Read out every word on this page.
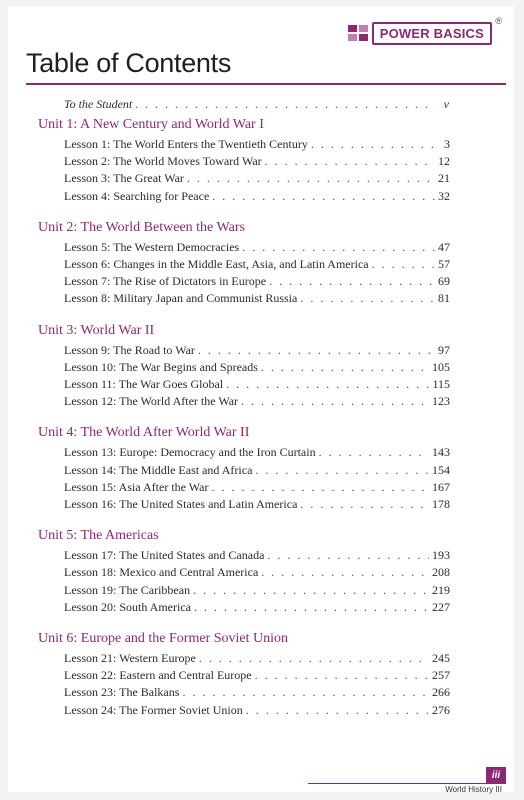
POWER BASICS
®
Table of Contents
To the Student . . .	v
Unit 1: A New Century and World War I
Lesson 1: The World Enters the Twentieth Century . . .	3
Lesson 2: The World Moves Toward War . . .	12
Lesson 3: The Great War . . .	21
Lesson 4: Searching for Peace . . .	32
Unit 2: The World Between the Wars
Lesson 5: The Western Democracies . . .	47
Lesson 6: Changes in the Middle East, Asia, and Latin America . . .	57
Lesson 7: The Rise of Dictators in Europe . . .	69
Lesson 8: Military Japan and Communist Russia . . .	81
Unit 3: World War II
Lesson 9: The Road to War . . .	97
Lesson 10: The War Begins and Spreads . . .	105
Lesson 11: The War Goes Global . . .	115
Lesson 12: The World After the War . . .	123
Unit 4: The World After World War II
Lesson 13: Europe: Democracy and the Iron Curtain . . .	143
Lesson 14: The Middle East and Africa . . .	154
Lesson 15: Asia After the War . . .	167
Lesson 16: The United States and Latin America . . .	178
Unit 5: The Americas
Lesson 17: The United States and Canada . . .	193
Lesson 18: Mexico and Central America . . .	208
Lesson 19: The Caribbean . . .	219
Lesson 20: South America . . .	227
Unit 6: Europe and the Former Soviet Union
Lesson 21: Western Europe . . .	245
Lesson 22: Eastern and Central Europe . . .	257
Lesson 23: The Balkans . . .	266
Lesson 24: The Former Soviet Union . . .	276
iii
World History III
